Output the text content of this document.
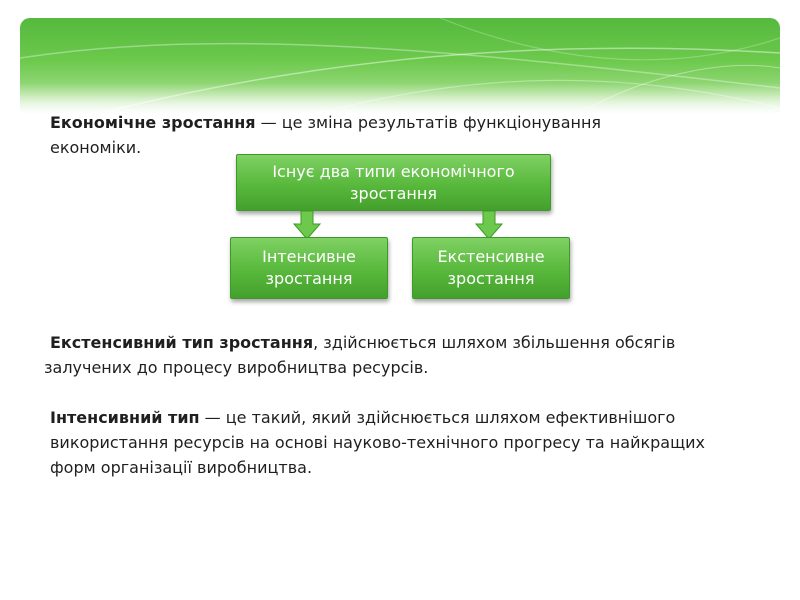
Економічне зростання — це зміна результатів функціонування економіки.
Існує два типи економічного зростання
Інтенсивне зростання
Екстенсивне зростання
Екстенсивний тип зростання, здійснюється шляхом збільшення обсягів залучених до процесу виробництва ресурсів.
Інтенсивний тип — це такий, який здійснюється шляхом ефективнішого використання ресурсів на основі науково-технічного прогресу та найкращих форм організації виробництва.
